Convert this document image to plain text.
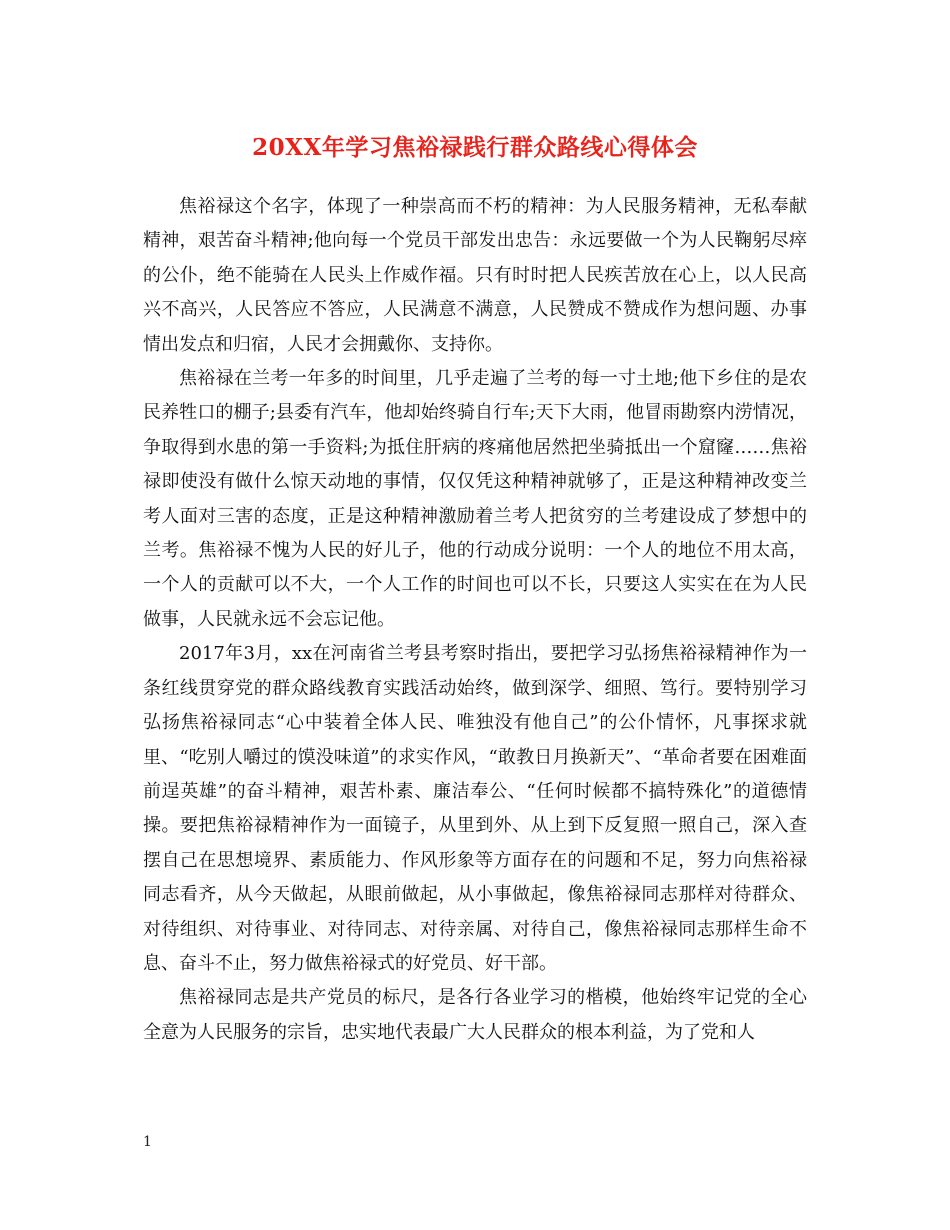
20XX年学习焦裕禄践行群众路线心得体会

焦裕禄这个名字，体现了一种崇高而不朽的精神：为人民服务精神，无私奉献精神，艰苦奋斗精神;他向每一个党员干部发出忠告：永远要做一个为人民鞠躬尽瘁的公仆，绝不能骑在人民头上作威作福。只有时时把人民疾苦放在心上，以人民高兴不高兴，人民答应不答应，人民满意不满意，人民赞成不赞成作为想问题、办事情出发点和归宿，人民才会拥戴你、支持你。

焦裕禄在兰考一年多的时间里，几乎走遍了兰考的每一寸土地;他下乡住的是农民养牲口的棚子;县委有汽车，他却始终骑自行车;天下大雨，他冒雨勘察内涝情况，争取得到水患的第一手资料;为抵住肝病的疼痛他居然把坐骑抵出一个窟窿……焦裕禄即使没有做什么惊天动地的事情，仅仅凭这种精神就够了，正是这种精神改变兰考人面对三害的态度，正是这种精神激励着兰考人把贫穷的兰考建设成了梦想中的兰考。焦裕禄不愧为人民的好儿子，他的行动成分说明：一个人的地位不用太高，一个人的贡献可以不大，一个人工作的时间也可以不长，只要这人实实在在为人民做事，人民就永远不会忘记他。

2017年3月，xx在河南省兰考县考察时指出，要把学习弘扬焦裕禄精神作为一条红线贯穿党的群众路线教育实践活动始终，做到深学、细照、笃行。要特别学习弘扬焦裕禄同志“心中装着全体人民、唯独没有他自己”的公仆情怀，凡事探求就里、“吃别人嚼过的馍没味道”的求实作风，“敢教日月换新天”、“革命者要在困难面前逞英雄”的奋斗精神，艰苦朴素、廉洁奉公、“任何时候都不搞特殊化”的道德情操。要把焦裕禄精神作为一面镜子，从里到外、从上到下反复照一照自己，深入查摆自己在思想境界、素质能力、作风形象等方面存在的问题和不足，努力向焦裕禄同志看齐，从今天做起，从眼前做起，从小事做起，像焦裕禄同志那样对待群众、对待组织、对待事业、对待同志、对待亲属、对待自己，像焦裕禄同志那样生命不息、奋斗不止，努力做焦裕禄式的好党员、好干部。

焦裕禄同志是共产党员的标尺，是各行各业学习的楷模，他始终牢记党的全心全意为人民服务的宗旨，忠实地代表最广大人民群众的根本利益，为了党和人

1
